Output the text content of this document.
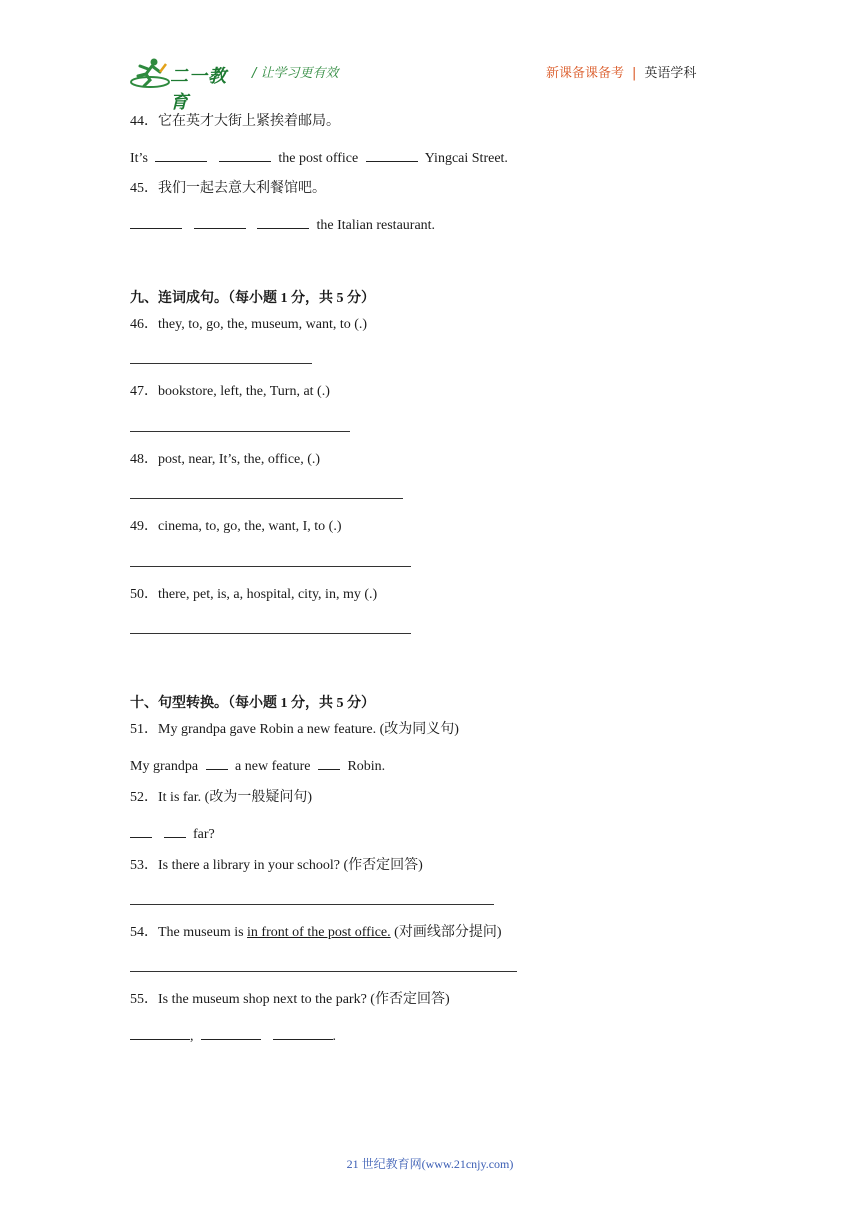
二一教育
/ 让学习更有效	新课备课备考 | 英语学科
44．它在英才大街上紧挨着邮局。
It’s	the post office	Yingcai Street.
45．我们一起去意大利餐馆吧。
the Italian restaurant.
九、连词成句。（每小题 1 分，共 5 分）
46．they, to, go, the, museum, want, to (.)
47．bookstore, left, the, Turn, at (.)
48．post, near, It’s, the, office, (.)
49．cinema, to, go, the, want, I, to (.)
50．there, pet, is, a, hospital, city, in, my (.)
十、句型转换。（每小题 1 分，共 5 分）
51．My grandpa gave Robin a new feature. (改为同义句)
My grandpa	a new feature	Robin.
52．It is far. (改为一般疑问句)
far?
53．Is there a library in your school? (作否定回答)
54．The museum is in front of the post office. (对画线部分提问)
55．Is the museum shop next to the park? (作否定回答)
,	.
21 世纪教育网(www.21cnjy.com)
